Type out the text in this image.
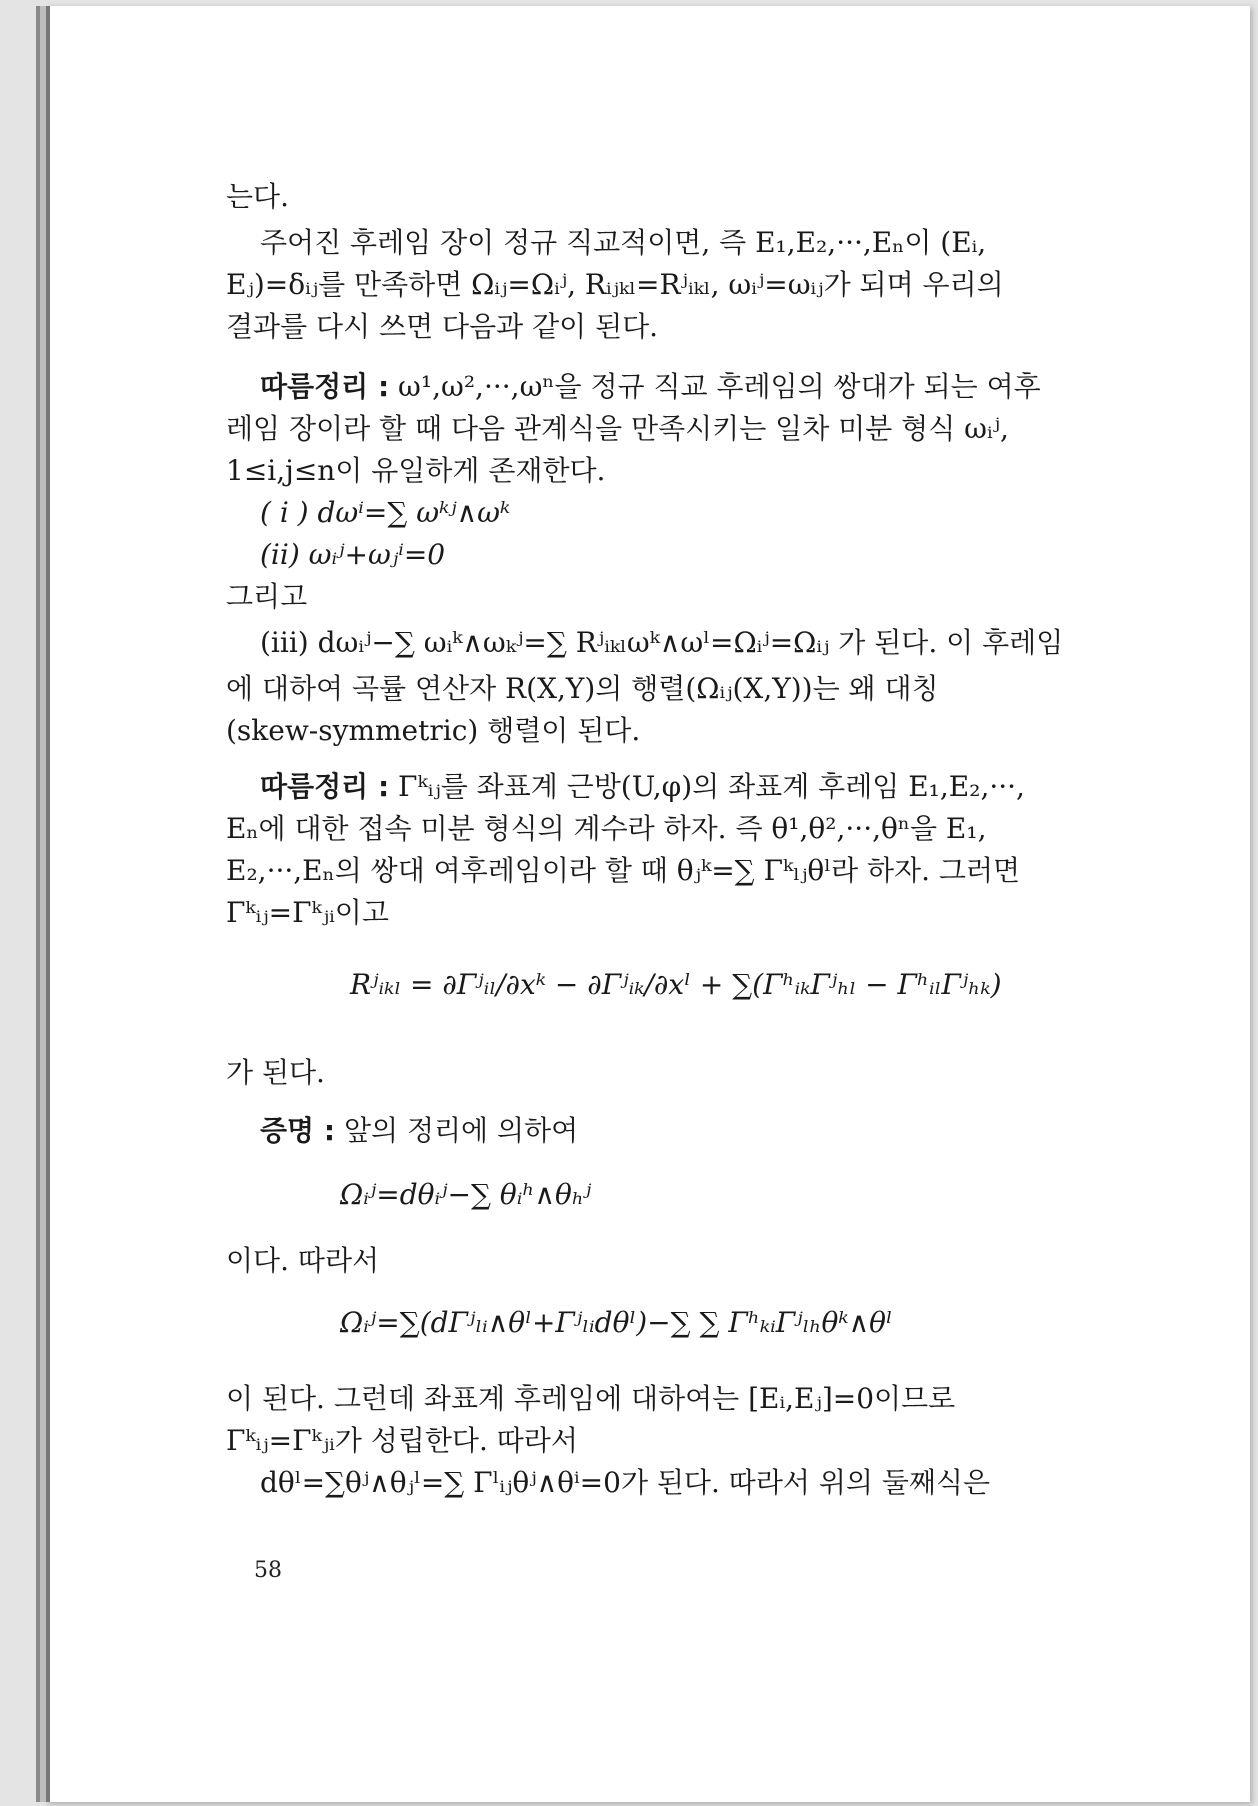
는다.
주어진 후레임 장이 정규 직교적이면, 즉 E₁,E₂,···,Eₙ이 (Eᵢ,
Eⱼ)=δᵢⱼ를 만족하면 Ωᵢⱼ=Ωᵢʲ, Rᵢⱼₖₗ=Rʲᵢₖₗ, ωᵢʲ=ωᵢⱼ가 되며 우리의
결과를 다시 쓰면 다음과 같이 된다.
따름정리 : ω¹,ω²,···,ωⁿ을 정규 직교 후레임의 쌍대가 되는 여후
레임 장이라 할 때 다음 관계식을 만족시키는 일차 미분 형식 ωᵢʲ,
1≤i,j≤n이 유일하게 존재한다.
( i ) dωⁱ=∑ ωᵏʲ∧ωᵏ
(ii) ωᵢʲ+ωⱼⁱ=0
그리고
(iii) dωᵢʲ−∑ ωᵢᵏ∧ωₖʲ=∑ Rʲᵢₖₗωᵏ∧ωˡ=Ωᵢʲ=Ωᵢⱼ 가 된다. 이 후레임
에 대하여 곡률 연산자 R(X,Y)의 행렬(Ωᵢⱼ(X,Y))는 왜 대칭
(skew-symmetric) 행렬이 된다.
따름정리 : Γᵏᵢⱼ를 좌표계 근방(U,φ)의 좌표계 후레임 E₁,E₂,···,
Eₙ에 대한 접속 미분 형식의 계수라 하자. 즉 θ¹,θ²,···,θⁿ을 E₁,
E₂,···,Eₙ의 쌍대 여후레임이라 할 때 θⱼᵏ=∑ Γᵏₗⱼθˡ라 하자. 그러면
Γᵏᵢⱼ=Γᵏⱼᵢ이고
Rʲᵢₖₗ = ∂Γʲᵢₗ/∂xᵏ − ∂Γʲᵢₖ/∂xˡ + ∑(ΓʰᵢₖΓʲₕₗ − ΓʰᵢₗΓʲₕₖ)
가 된다.
증명 : 앞의 정리에 의하여
Ωᵢʲ=dθᵢʲ−∑ θᵢʰ∧θₕʲ
이다. 따라서
Ωᵢʲ=∑(dΓʲₗᵢ∧θˡ+Γʲₗᵢdθˡ)−∑ ∑ ΓʰₖᵢΓʲₗₕθᵏ∧θˡ
이 된다. 그런데 좌표계 후레임에 대하여는 [Eᵢ,Eⱼ]=0이므로
Γᵏᵢⱼ=Γᵏⱼᵢ가 성립한다. 따라서
dθˡ=∑θʲ∧θⱼˡ=∑ Γˡᵢⱼθʲ∧θⁱ=0가 된다. 따라서 위의 둘째식은
58
